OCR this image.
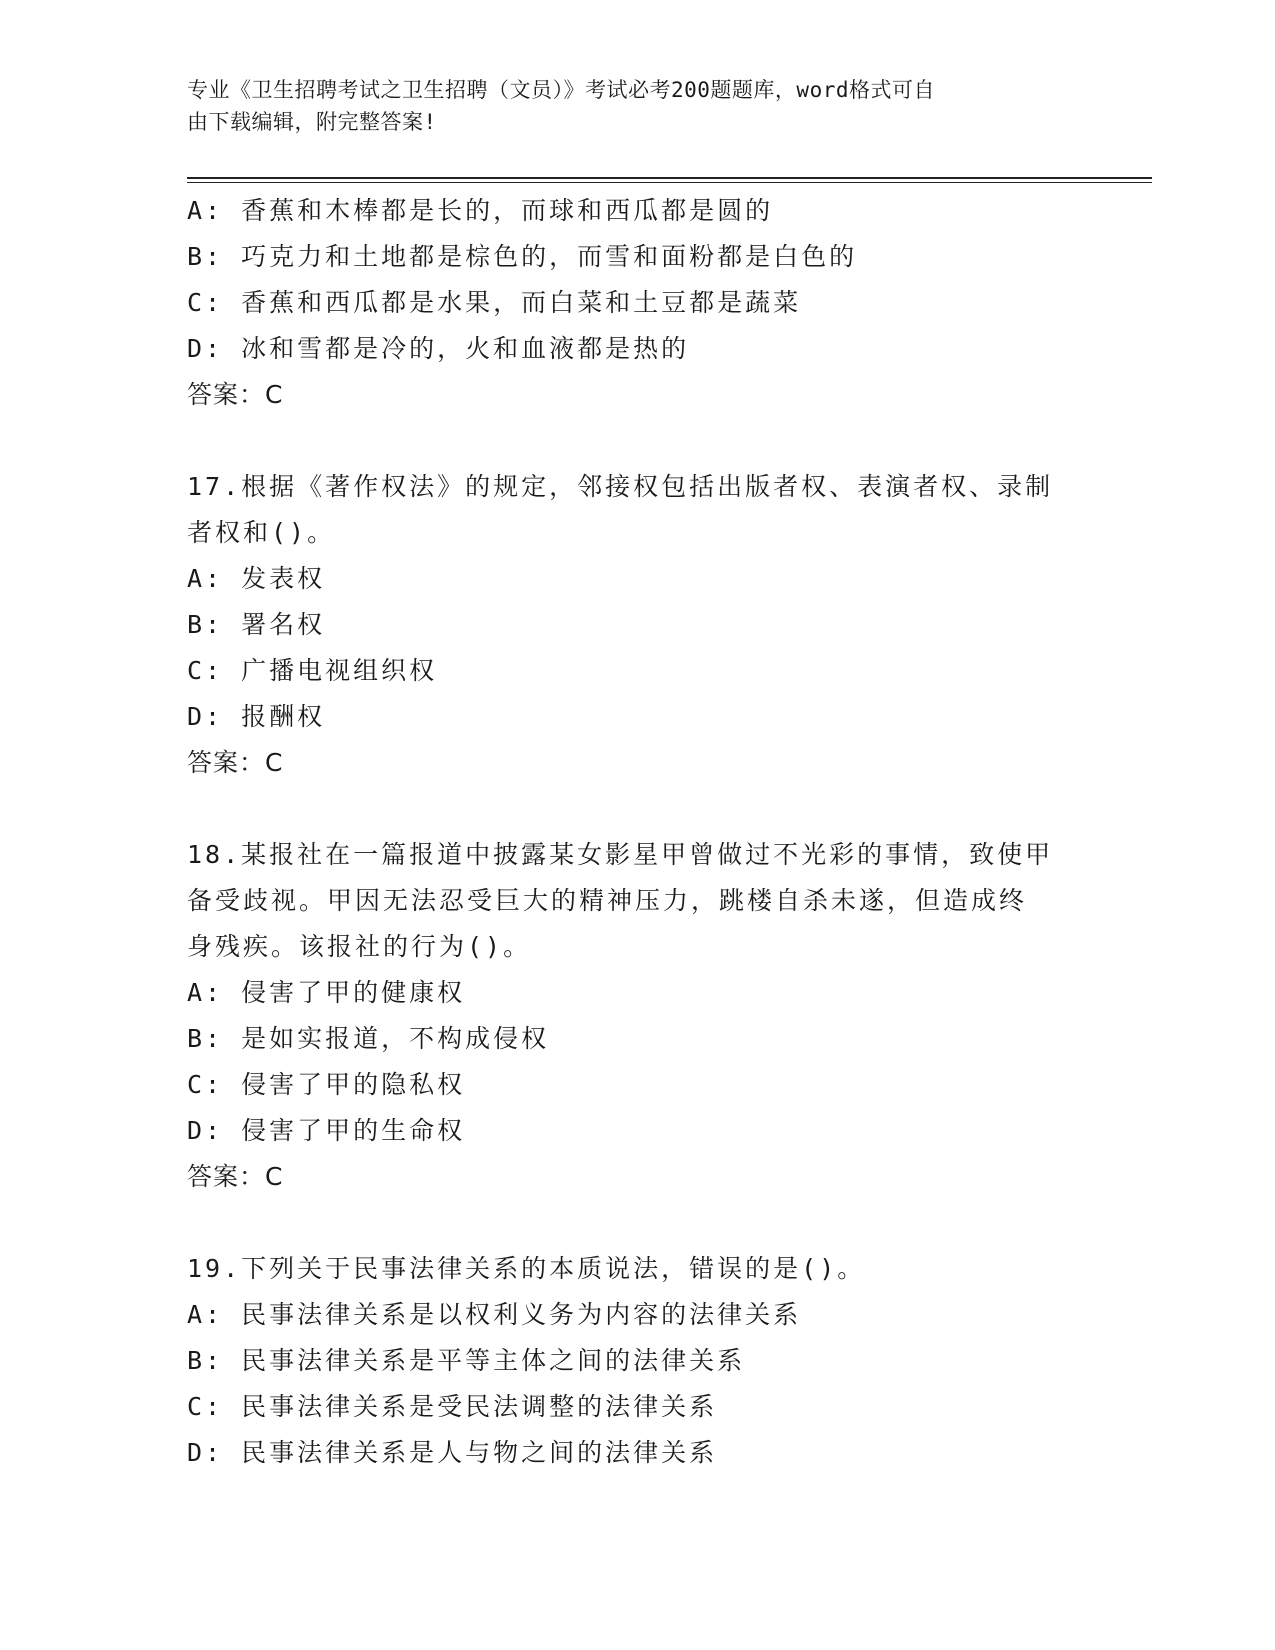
专业《卫生招聘考试之卫生招聘（文员）》考试必考200题题库，word格式可自
由下载编辑，附完整答案!
A: 香蕉和木棒都是长的，而球和西瓜都是圆的
B: 巧克力和土地都是棕色的，而雪和面粉都是白色的
C: 香蕉和西瓜都是水果，而白菜和土豆都是蔬菜
D: 冰和雪都是冷的，火和血液都是热的
答案：C
17.根据《著作权法》的规定，邻接权包括出版者权、表演者权、录制
者权和()。
A: 发表权
B: 署名权
C: 广播电视组织权
D: 报酬权
答案：C
18.某报社在一篇报道中披露某女影星甲曾做过不光彩的事情，致使甲
备受歧视。甲因无法忍受巨大的精神压力，跳楼自杀未遂，但造成终
身残疾。该报社的行为()。
A: 侵害了甲的健康权
B: 是如实报道，不构成侵权
C: 侵害了甲的隐私权
D: 侵害了甲的生命权
答案：C
19.下列关于民事法律关系的本质说法，错误的是()。
A: 民事法律关系是以权利义务为内容的法律关系
B: 民事法律关系是平等主体之间的法律关系
C: 民事法律关系是受民法调整的法律关系
D: 民事法律关系是人与物之间的法律关系
